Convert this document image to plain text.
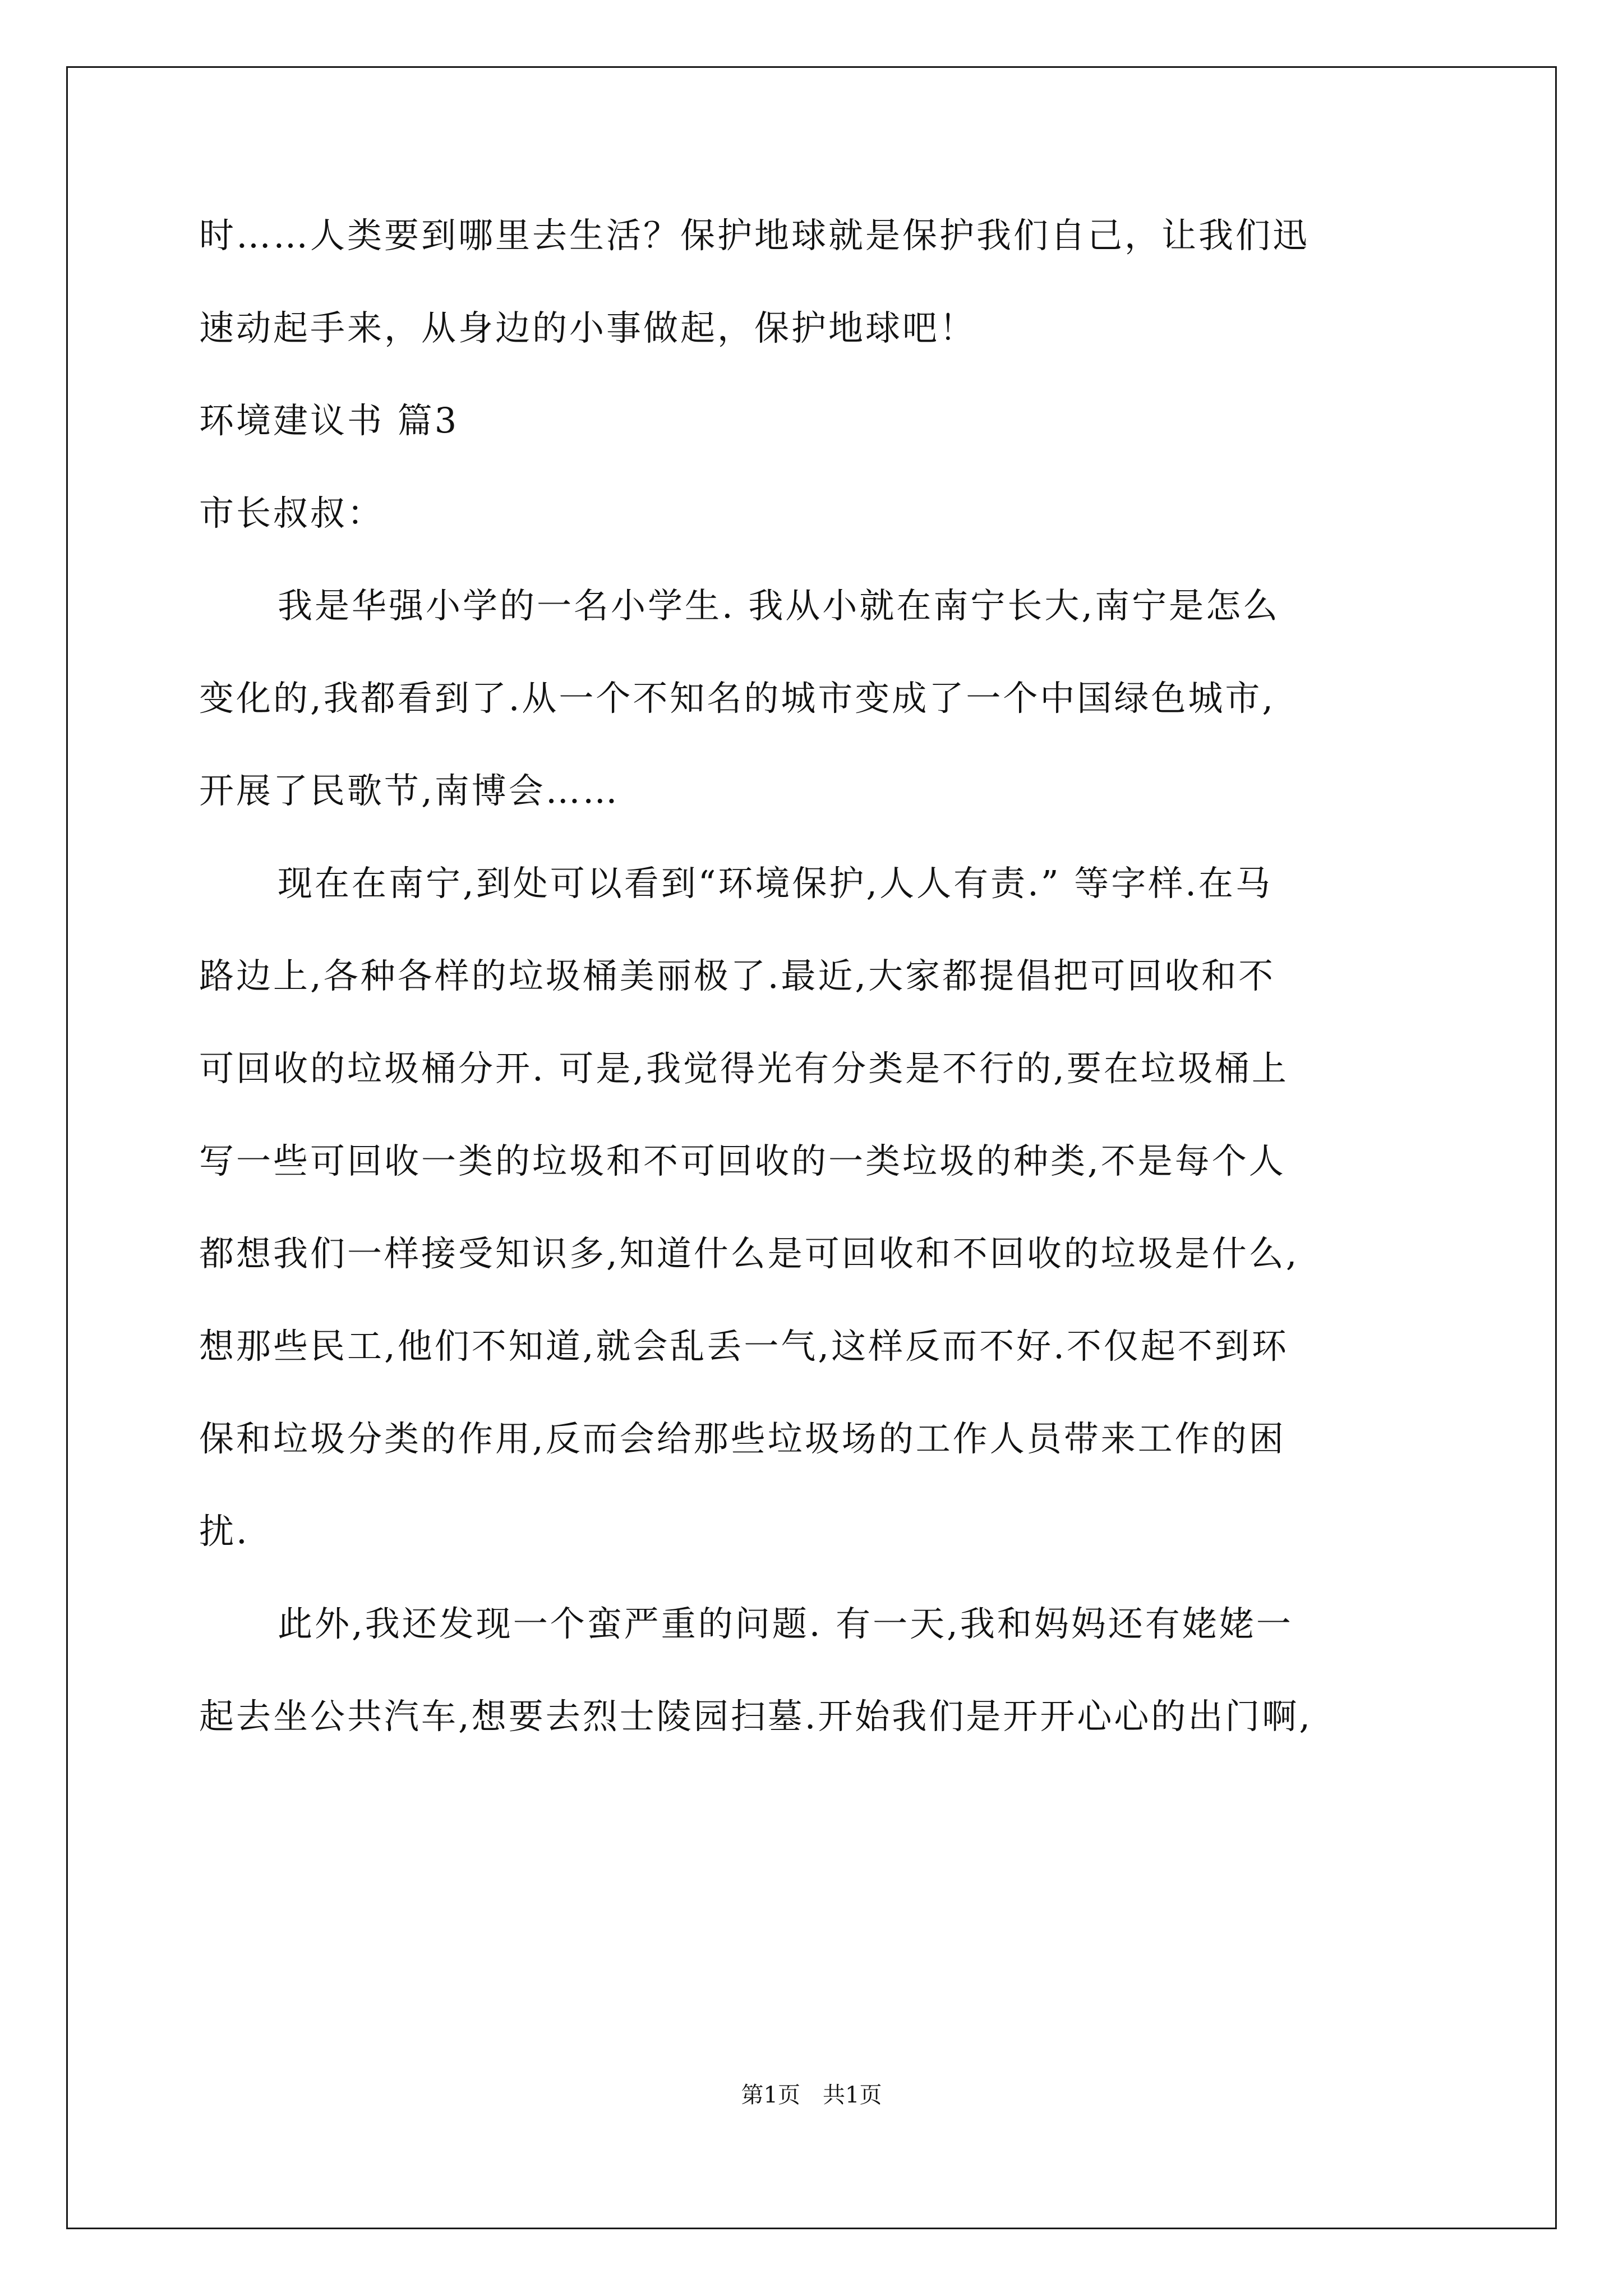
时……人类要到哪里去生活？保护地球就是保护我们自己，让我们迅
速动起手来，从身边的小事做起，保护地球吧！
环境建议书 篇3
市长叔叔：
我是华强小学的一名小学生. 我从小就在南宁长大,南宁是怎么
变化的,我都看到了.从一个不知名的城市变成了一个中国绿色城市,
开展了民歌节,南博会……
现在在南宁,到处可以看到“环境保护,人人有责.” 等字样.在马
路边上,各种各样的垃圾桶美丽极了.最近,大家都提倡把可回收和不
可回收的垃圾桶分开. 可是,我觉得光有分类是不行的,要在垃圾桶上
写一些可回收一类的垃圾和不可回收的一类垃圾的种类,不是每个人
都想我们一样接受知识多,知道什么是可回收和不回收的垃圾是什么,
想那些民工,他们不知道,就会乱丢一气,这样反而不好.不仅起不到环
保和垃圾分类的作用,反而会给那些垃圾场的工作人员带来工作的困
扰.
此外,我还发现一个蛮严重的问题. 有一天,我和妈妈还有姥姥一
起去坐公共汽车,想要去烈士陵园扫墓.开始我们是开开心心的出门啊,
第1页　共1页
